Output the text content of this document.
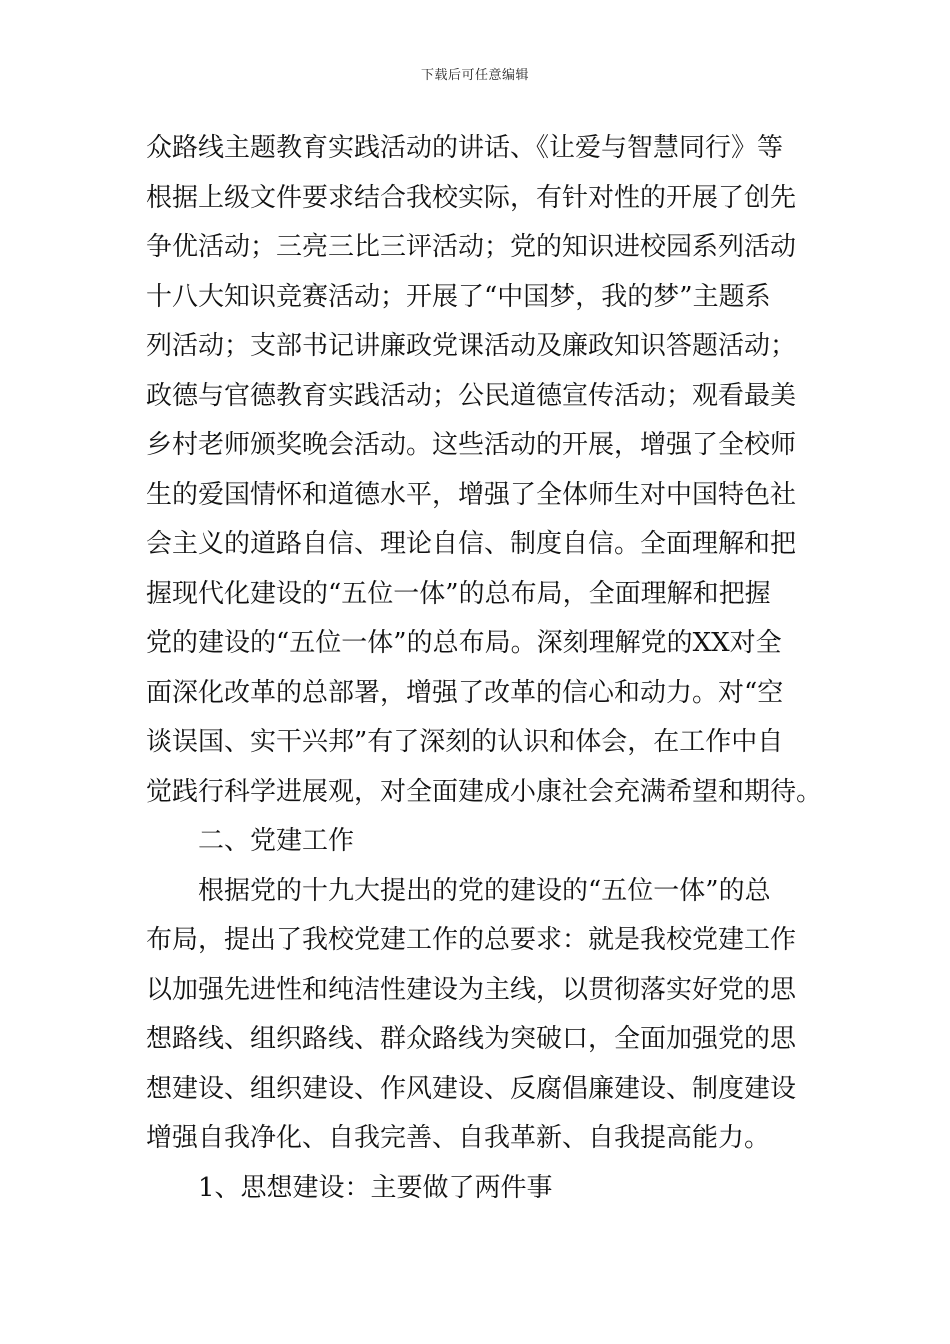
下载后可任意编辑
众路线主题教育实践活动的讲话、《让爱与智慧同行》等
根据上级文件要求结合我校实际，有针对性的开展了创先
争优活动；三亮三比三评活动；党的知识进校园系列活动
十八大知识竞赛活动；开展了“中国梦，我的梦”主题系
列活动；支部书记讲廉政党课活动及廉政知识答题活动；
政德与官德教育实践活动；公民道德宣传活动；观看最美
乡村老师颁奖晚会活动。这些活动的开展，增强了全校师
生的爱国情怀和道德水平，增强了全体师生对中国特色社
会主义的道路自信、理论自信、制度自信。全面理解和把
握现代化建设的“五位一体”的总布局，全面理解和把握
党的建设的“五位一体”的总布局。深刻理解党的XX对全
面深化改革的总部署，增强了改革的信心和动力。对“空
谈误国、实干兴邦”有了深刻的认识和体会，在工作中自
觉践行科学进展观，对全面建成小康社会充满希望和期待。
二、党建工作
根据党的十九大提出的党的建设的“五位一体”的总
布局，提出了我校党建工作的总要求：就是我校党建工作
以加强先进性和纯洁性建设为主线，以贯彻落实好党的思
想路线、组织路线、群众路线为突破口，全面加强党的思
想建设、组织建设、作风建设、反腐倡廉建设、制度建设
增强自我净化、自我完善、自我革新、自我提高能力。
1、思想建设：主要做了两件事
